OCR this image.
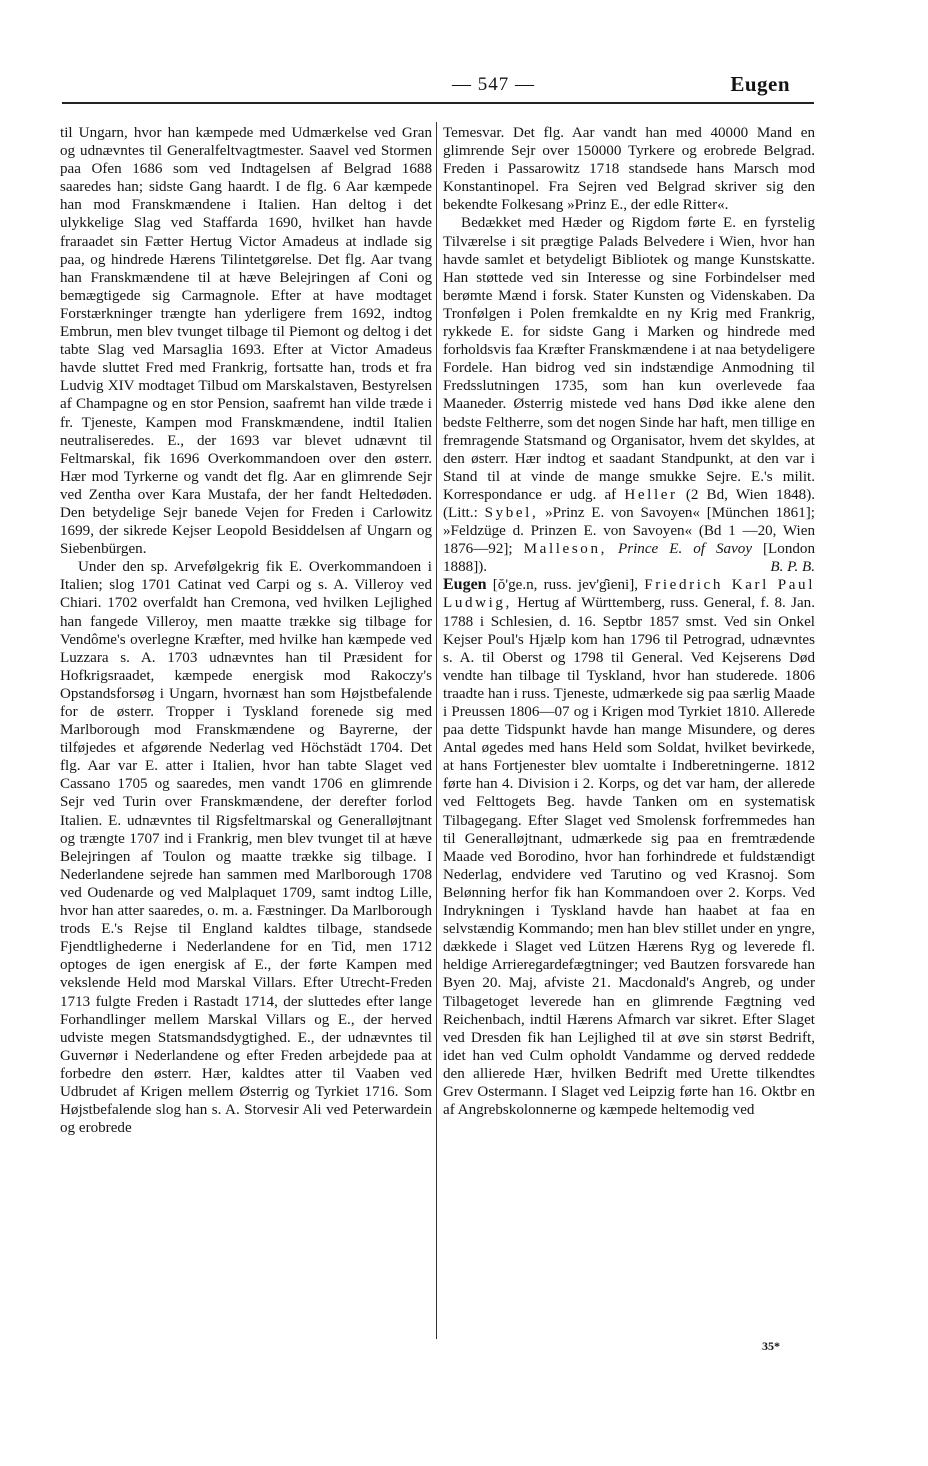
— 547 —	Eugen

til Ungarn, hvor han kæmpede med Udmærkelse ved Gran og udnævntes til Generalfeltvagtmester. Saavel ved Stormen paa Ofen 1686 som ved Indtagelsen af Belgrad 1688 saaredes han; sidste Gang haardt. I de flg. 6 Aar kæmpede han mod Franskmændene i Italien. Han deltog i det ulykkelige Slag ved Staffarda 1690, hvilket han havde fraraadet sin Fætter Hertug Victor Amadeus at indlade sig paa, og hindrede Hærens Tilintetgørelse. Det flg. Aar tvang han Franskmændene til at hæve Belejringen af Coni og bemægtigede sig Carmagnole. Efter at have modtaget Forstærkninger trængte han yderligere frem 1692, indtog Embrun, men blev tvunget tilbage til Piemont og deltog i det tabte Slag ved Marsaglia 1693. Efter at Victor Amadeus havde sluttet Fred med Frankrig, fortsatte han, trods et fra Ludvig XIV modtaget Tilbud om Marskalstaven, Bestyrelsen af Champagne og en stor Pension, saafremt han vilde træde i fr. Tjeneste, Kampen mod Franskmændene, indtil Italien neutraliseredes. E., der 1693 var blevet udnævnt til Feltmarskal, fik 1696 Overkommandoen over den østerr. Hær mod Tyrkerne og vandt det flg. Aar en glimrende Sejr ved Zentha over Kara Mustafa, der her fandt Heltedøden. Den betydelige Sejr banede Vejen for Freden i Carlowitz 1699, der sikrede Kejser Leopold Besiddelsen af Ungarn og Siebenbürgen.

Under den sp. Arvefølgekrig fik E. Overkommandoen i Italien; slog 1701 Catinat ved Carpi og s. A. Villeroy ved Chiari. 1702 overfaldt han Cremona, ved hvilken Lejlighed han fangede Villeroy, men maatte trække sig tilbage for Vendôme's overlegne Kræfter, med hvilke han kæmpede ved Luzzara s. A. 1703 udnævntes han til Præsident for Hofkrigsraadet, kæmpede energisk mod Rakoczy's Opstandsforsøg i Ungarn, hvornæst han som Højstbefalende for de østerr. Tropper i Tyskland forenede sig med Marlborough mod Franskmændene og Bayrerne, der tilføjedes et afgørende Nederlag ved Höchstädt 1704. Det flg. Aar var E. atter i Italien, hvor han tabte Slaget ved Cassano 1705 og saaredes, men vandt 1706 en glimrende Sejr ved Turin over Franskmændene, der derefter forlod Italien. E. udnævntes til Rigsfeltmarskal og Generalløjtnant og trængte 1707 ind i Frankrig, men blev tvunget til at hæve Belejringen af Toulon og maatte trække sig tilbage. I Nederlandene sejrede han sammen med Marlborough 1708 ved Oudenarde og ved Malplaquet 1709, samt indtog Lille, hvor han atter saaredes, o. m. a. Fæstninger. Da Marlborough trods E.'s Rejse til England kaldtes tilbage, standsede Fjendtlighederne i Nederlandene for en Tid, men 1712 optoges de igen energisk af E., der førte Kampen med vekslende Held mod Marskal Villars. Efter Utrecht-Freden 1713 fulgte Freden i Rastadt 1714, der sluttedes efter lange Forhandlinger mellem Marskal Villars og E., der herved udviste megen Statsmandsdygtighed. E., der udnævntes til Guvernør i Nederlandene og efter Freden arbejdede paa at forbedre den østerr. Hær, kaldtes atter til Vaaben ved Udbrudet af Krigen mellem Østerrig og Tyrkiet 1716. Som Højstbefalende slog han s. A. Storvesir Ali ved Peterwardein og erobrede

Temesvar. Det flg. Aar vandt han med 40000 Mand en glimrende Sejr over 150000 Tyrkere og erobrede Belgrad. Freden i Passarowitz 1718 standsede hans Marsch mod Konstantinopel. Fra Sejren ved Belgrad skriver sig den bekendte Folkesang »Prinz E., der edle Ritter«.

Bedækket med Hæder og Rigdom førte E. en fyrstelig Tilværelse i sit prægtige Palads Belvedere i Wien, hvor han havde samlet et betydeligt Bibliotek og mange Kunstskatte. Han støttede ved sin Interesse og sine Forbindelser med berømte Mænd i forsk. Stater Kunsten og Videnskaben. Da Tronfølgen i Polen fremkaldte en ny Krig med Frankrig, rykkede E. for sidste Gang i Marken og hindrede med forholdsvis faa Kræfter Franskmændene i at naa betydeligere Fordele. Han bidrog ved sin indstændige Anmodning til Fredsslutningen 1735, som han kun overlevede faa Maaneder. Østerrig mistede ved hans Død ikke alene den bedste Feltherre, som det nogen Sinde har haft, men tillige en fremragende Statsmand og Organisator, hvem det skyldes, at den østerr. Hær indtog et saadant Standpunkt, at den var i Stand til at vinde de mange smukke Sejre. E.'s milit. Korrespondance er udg. af Heller (2 Bd, Wien 1848). (Litt.: Sybel, »Prinz E. von Savoyen« [München 1861]; »Feldzüge d. Prinzen E. von Savoyen« (Bd 1 —20, Wien 1876—92]; Malleson, Prince E. of Savoy [London 1888]).	B. P. B.

Eugen [ŏ'ge.n, russ. jev'g̑ieni], Friedrich Karl Paul Ludwig, Hertug af Württemberg, russ. General, f. 8. Jan. 1788 i Schlesien, d. 16. Septbr 1857 smst. Ved sin Onkel Kejser Poul's Hjælp kom han 1796 til Petrograd, udnævntes s. A. til Oberst og 1798 til General. Ved Kejserens Død vendte han tilbage til Tyskland, hvor han studerede. 1806 traadte han i russ. Tjeneste, udmærkede sig paa særlig Maade i Preussen 1806—07 og i Krigen mod Tyrkiet 1810. Allerede paa dette Tidspunkt havde han mange Misundere, og deres Antal øgedes med hans Held som Soldat, hvilket bevirkede, at hans Fortjenester blev uomtalte i Indberetningerne. 1812 førte han 4. Division i 2. Korps, og det var ham, der allerede ved Felttogets Beg. havde Tanken om en systematisk Tilbagegang. Efter Slaget ved Smolensk forfremmedes han til Generalløjtnant, udmærkede sig paa en fremtrædende Maade ved Borodino, hvor han forhindrede et fuldstændigt Nederlag, endvidere ved Tarutino og ved Krasnoj. Som Belønning herfor fik han Kommandoen over 2. Korps. Ved Indrykningen i Tyskland havde han haabet at faa en selvstændig Kommando; men han blev stillet under en yngre, dækkede i Slaget ved Lützen Hærens Ryg og leverede fl. heldige Arrieregardefægtninger; ved Bautzen forsvarede han Byen 20. Maj, afviste 21. Macdonald's Angreb, og under Tilbagetoget leverede han en glimrende Fægtning ved Reichenbach, indtil Hærens Afmarch var sikret. Efter Slaget ved Dresden fik han Lejlighed til at øve sin størst Bedrift, idet han ved Culm opholdt Vandamme og derved reddede den allierede Hær, hvilken Bedrift med Urette tilkendtes Grev Ostermann. I Slaget ved Leipzig førte han 16. Oktbr en af Angrebskolonnerne og kæmpede heltemodig ved

35*
